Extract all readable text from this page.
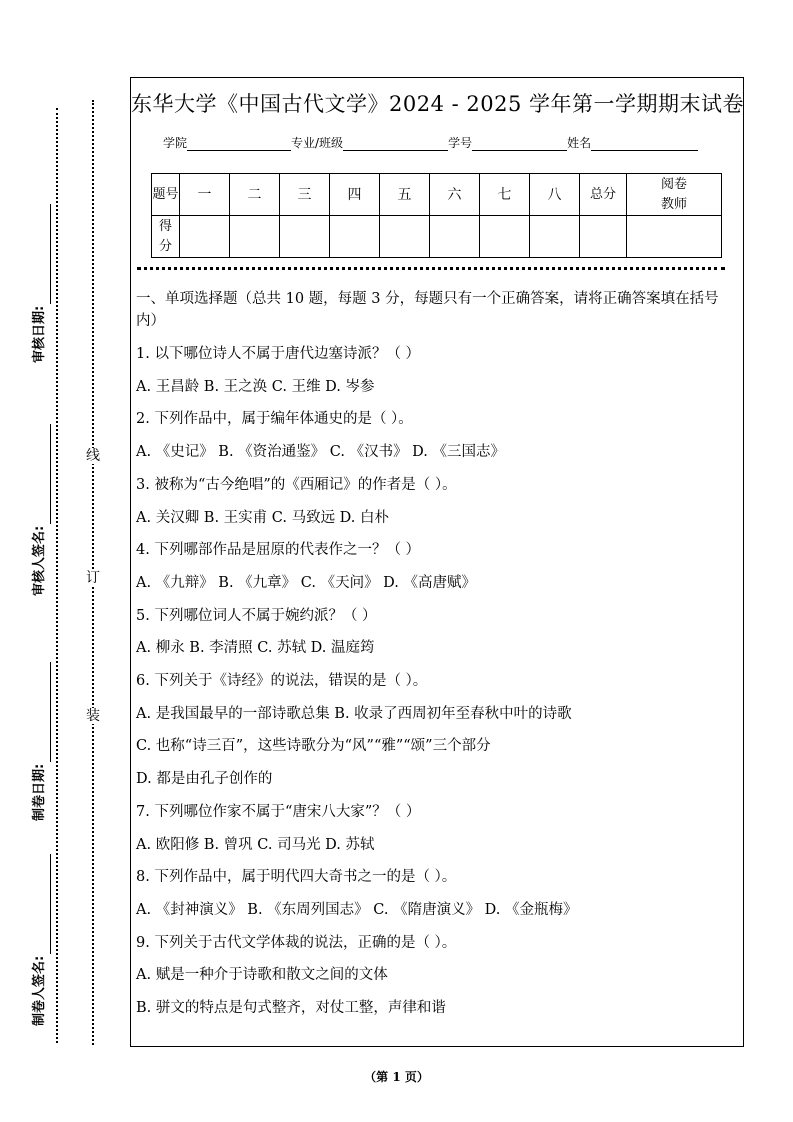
审核日期:
审核人签名:
制卷日期:
制卷人签名:
线
订
装
东华大学《中国古代文学》2024 - 2025 学年第一学期期末试卷
学院	专业/班级	学号	姓名
题号	一	二	三	四	五	六	七	八	总分	阅卷教师
得分										
一、单项选择题（总共 10 题，每题 3 分，每题只有一个正确答案，请将正确答案填在括号内）

1. 以下哪位诗人不属于唐代边塞诗派？（ ）

A. 王昌龄 B. 王之涣 C. 王维 D. 岑参

2. 下列作品中，属于编年体通史的是（ ）。

A. 《史记》 B. 《资治通鉴》 C. 《汉书》 D. 《三国志》

3. 被称为“古今绝唱”的《西厢记》的作者是（ ）。

A. 关汉卿 B. 王实甫 C. 马致远 D. 白朴

4. 下列哪部作品是屈原的代表作之一？（ ）

A. 《九辩》 B. 《九章》 C. 《天问》 D. 《高唐赋》

5. 下列哪位词人不属于婉约派？（ ）

A. 柳永 B. 李清照 C. 苏轼 D. 温庭筠

6. 下列关于《诗经》的说法，错误的是（ ）。

A. 是我国最早的一部诗歌总集 B. 收录了西周初年至春秋中叶的诗歌

C. 也称“诗三百”，这些诗歌分为“风”“雅”“颂”三个部分

D. 都是由孔子创作的

7. 下列哪位作家不属于“唐宋八大家”？（ ）

A. 欧阳修 B. 曾巩 C. 司马光 D. 苏轼

8. 下列作品中，属于明代四大奇书之一的是（ ）。

A. 《封神演义》 B. 《东周列国志》 C. 《隋唐演义》 D. 《金瓶梅》

9. 下列关于古代文学体裁的说法，正确的是（ ）。

A. 赋是一种介于诗歌和散文之间的文体

B. 骈文的特点是句式整齐，对仗工整，声律和谐

（第 1 页）
